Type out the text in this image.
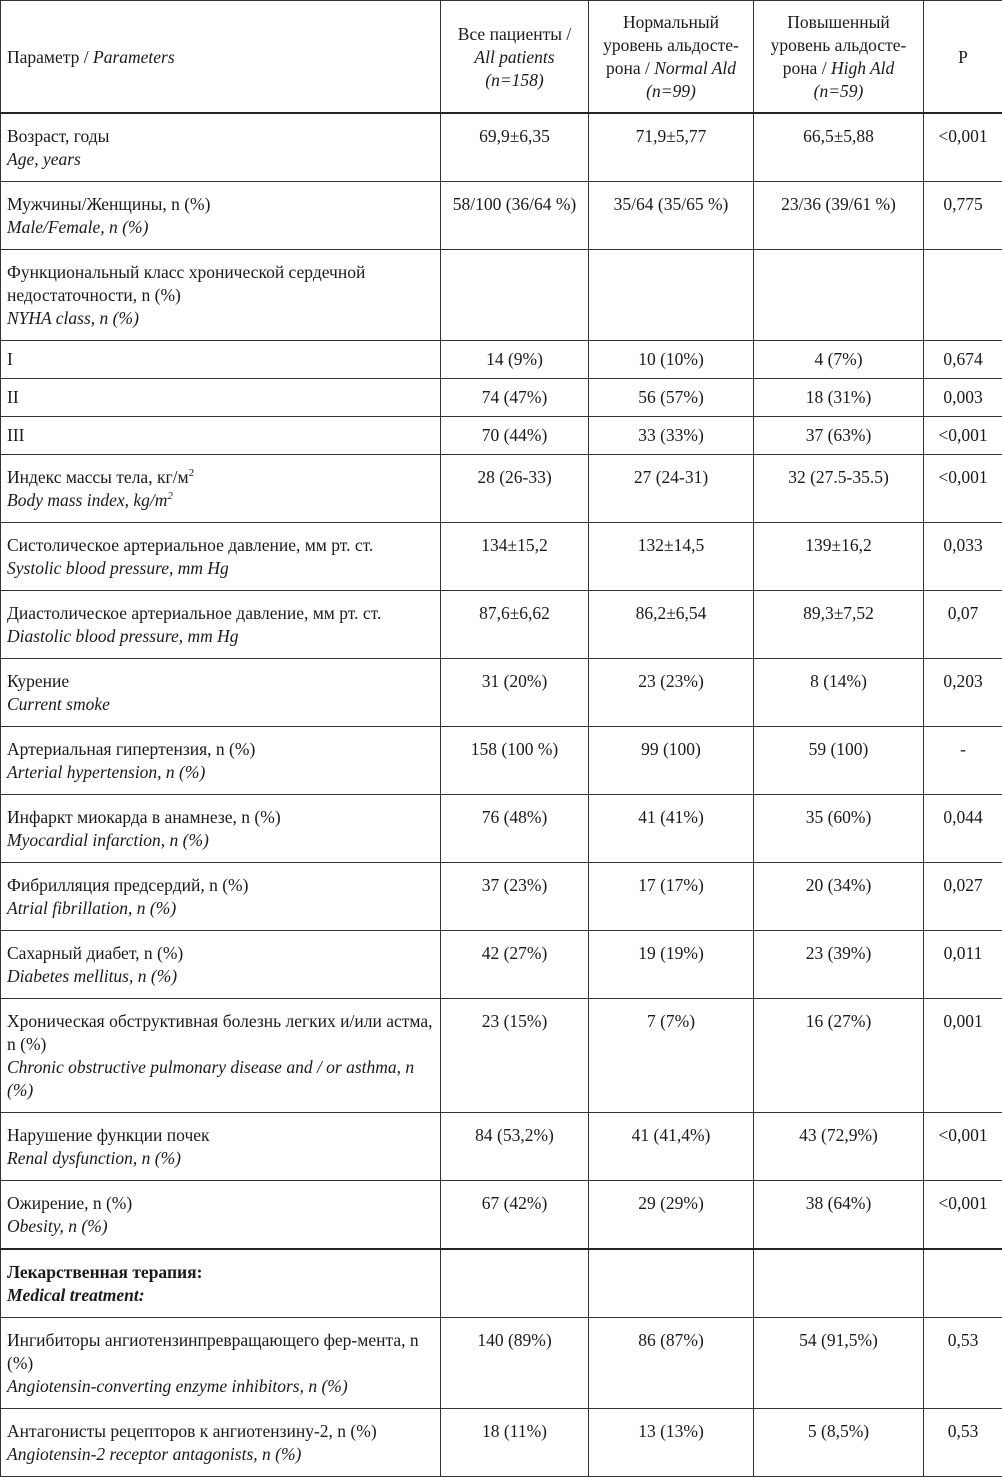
Параметр / Parameters	Все пациенты /
All patients
(n=158)	Нормальный уровень альдосте-рона / Normal Ald
(n=99)	Повышенный уровень альдосте-рона / High Ald
(n=59)	P

Возраст, годы
Age, years	69,9±6,35	71,9±5,77	66,5±5,88	<0,001

Мужчины/Женщины, n (%)
Male/Female, n (%)	58/100 (36/64 %)	35/64 (35/65 %)	23/36 (39/61 %)	0,775

Функциональный класс хронической сердечной недостаточности, n (%)
NYHA class, n (%)				

I	14 (9%)	10 (10%)	4 (7%)	0,674
II	74 (47%)	56 (57%)	18 (31%)	0,003
III	70 (44%)	33 (33%)	37 (63%)	<0,001

Индекс массы тела, $кг/м^2$
Body mass index, $kg/m^2$	28 (26-33)	27 (24-31)	32 (27.5-35.5)	<0,001

Систолическое артериальное давление, мм рт. ст.
Systolic blood pressure, mm Hg	134±15,2	132±14,5	139±16,2	0,033

Диастолическое артериальное давление, мм рт. ст.
Diastolic blood pressure, mm Hg	87,6±6,62	86,2±6,54	89,3±7,52	0,07

Курение
Current smoke	31 (20%)	23 (23%)	8 (14%)	0,203

Артериальная гипертензия, n (%)
Arterial hypertension, n (%)	158 (100 %)	99 (100)	59 (100)	-

Инфаркт миокарда в анамнезе, n (%)
Myocardial infarction, n (%)	76 (48%)	41 (41%)	35 (60%)	0,044

Фибрилляция предсердий, n (%)
Atrial fibrillation, n (%)	37 (23%)	17 (17%)	20 (34%)	0,027

Сахарный диабет, n (%)
Diabetes mellitus, n (%)	42 (27%)	19 (19%)	23 (39%)	0,011

Хроническая обструктивная болезнь легких и/или астма, n (%)
Chronic obstructive pulmonary disease and / or asthma, n (%)	23 (15%)	7 (7%)	16 (27%)	0,001

Нарушение функции почек
Renal dysfunction, n (%)	84 (53,2%)	41 (41,4%)	43 (72,9%)	<0,001

Ожирение, n (%)
Obesity, n (%)	67 (42%)	29 (29%)	38 (64%)	<0,001

Лекарственная терапия:
Medical treatment:				

Ингибиторы ангиотензинпревращающего фер-мента, n (%)
Angiotensin-converting enzyme inhibitors, n (%)	140 (89%)	86 (87%)	54 (91,5%)	0,53

Антагонисты рецепторов к ангиотензину-2, n (%)
Angiotensin-2 receptor antagonists, n (%)	18 (11%)	13 (13%)	5 (8,5%)	0,53
